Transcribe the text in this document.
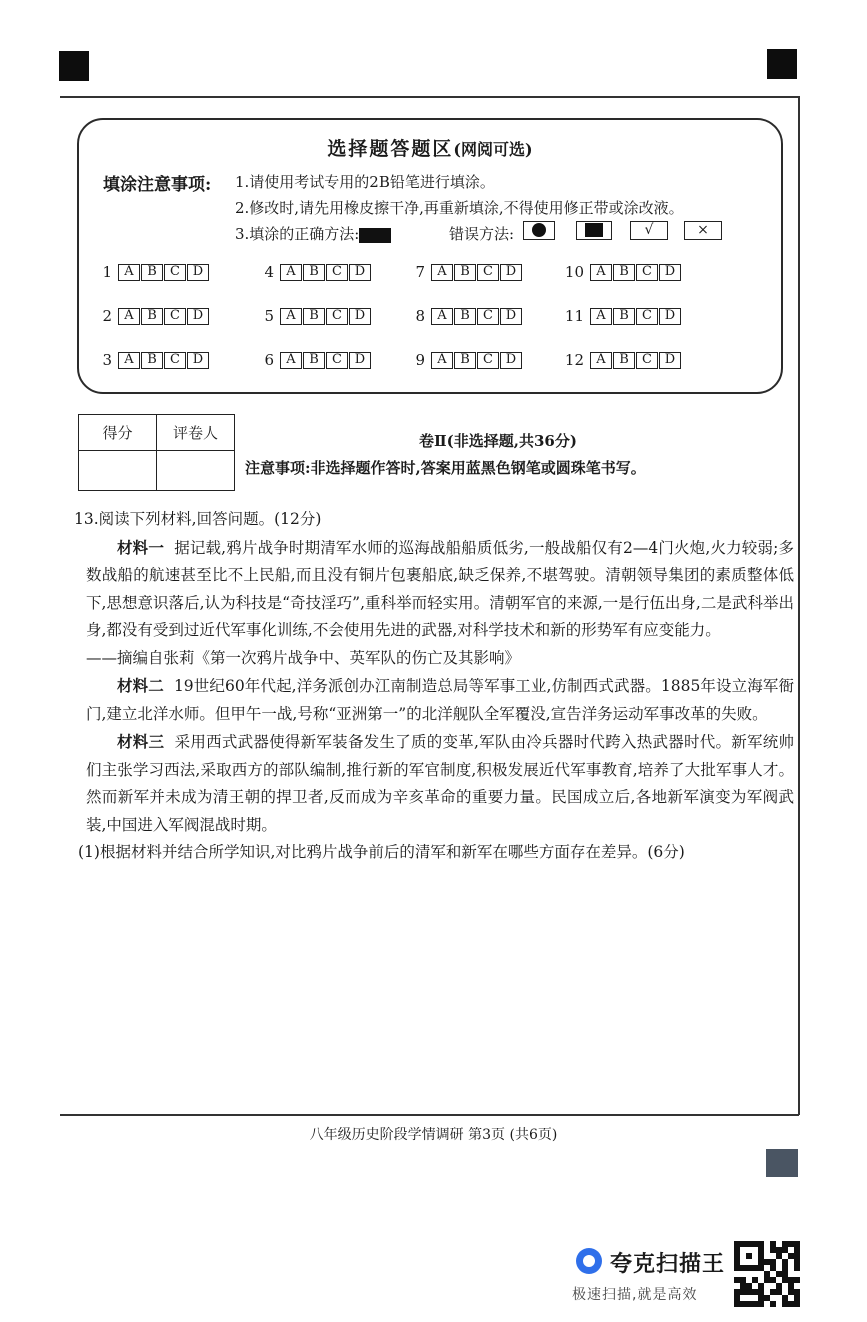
选择题答题区(网阅可选)
填涂注意事项: 1.请使用考试专用的2B铅笔进行填涂。
2.修改时,请先用橡皮擦干净,再重新填涂,不得使用修正带或涂改液。
3.填涂的正确方法:	错误方法:	√	×
1 A	B	C D
2 A	B	C D
3 A	B	C D
4 A	B	C D
5 A	B	C D
6 A	B	C D
7 A	B	C D
8 A	B	C D
9 A	B	C D
10 A	B	C D
11 A	B	C D
12 A	B	C D
得分	评卷人
		卷Ⅱ(非选择题,共36分)
注意事项:非选择题作答时,答案用蓝黑色钢笔或圆珠笔书写。

13.阅读下列材料,回答问题。(12分)

材料一 据记载,鸦片战争时期清军水师的巡海战船船质低劣,一般战船仅有2—4门火炮,火力较弱;多数战船的航速甚至比不上民船,而且没有铜片包裹船底,缺乏保养,不堪驾驶。清朝领导集团的素质整体低下,思想意识落后,认为科技是“奇技淫巧”,重科举而轻实用。清朝军官的来源,一是行伍出身,二是武科举出身,都没有受到过近代军事化训练,不会使用先进的武器,对科学技术和新的形势军有应变能力。

——摘编自张莉《第一次鸦片战争中、英军队的伤亡及其影响》

材料二 19世纪60年代起,洋务派创办江南制造总局等军事工业,仿制西式武器。1885年设立海军衙门,建立北洋水师。但甲午一战,号称“亚洲第一”的北洋舰队全军覆没,宣告洋务运动军事改革的失败。

材料三 采用西式武器使得新军装备发生了质的变革,军队由冷兵器时代跨入热武器时代。新军统帅们主张学习西法,采取西方的部队编制,推行新的军官制度,积极发展近代军事教育,培养了大批军事人才。然而新军并未成为清王朝的捍卫者,反而成为辛亥革命的重要力量。民国成立后,各地新军演变为军阀武装,中国进入军阀混战时期。

(1)根据材料并结合所学知识,对比鸦片战争前后的清军和新军在哪些方面存在差异。(6分)

八年级历史阶段学情调研 第3页 (共6页)
夸克扫描王
极速扫描,就是高效
